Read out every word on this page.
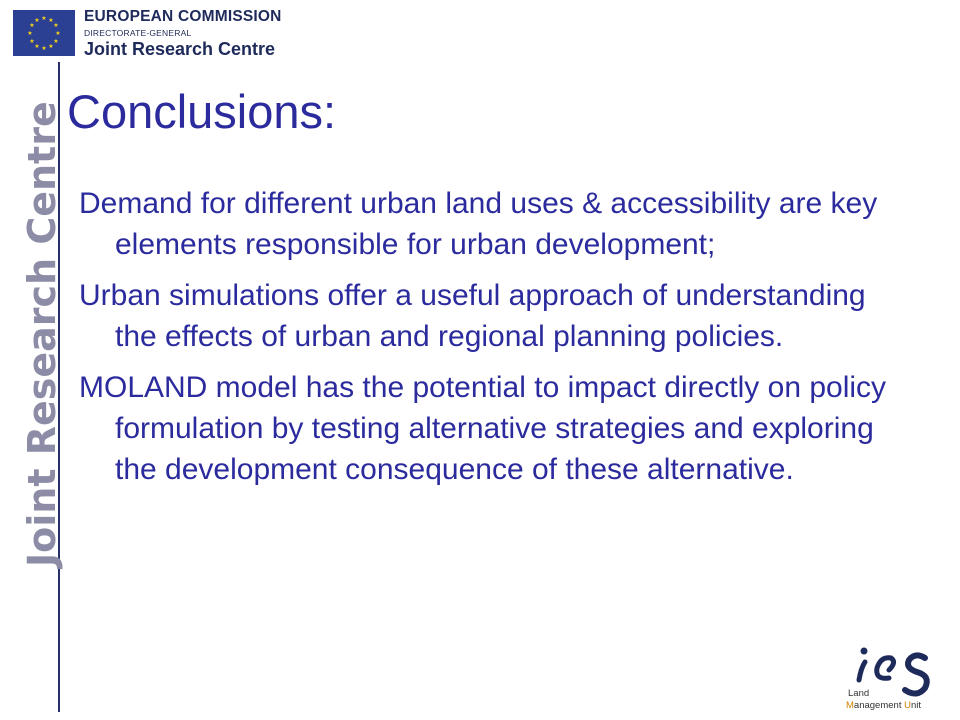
★ ★
★
★
★
★
★
★
★
★
★
★	EUROPEAN COMMISSION
DIRECTORATE-GENERAL
Joint Research Centre
Joint Research Centre Conclusions:

Demand for different urban land uses & accessibility are key elements responsible for urban development;

Urban simulations offer a useful approach of understanding the effects of urban and regional planning policies.

MOLAND model has the potential to impact directly on policy formulation by testing alternative strategies and exploring the development consequence of these alternative.

Land
Management Unit
